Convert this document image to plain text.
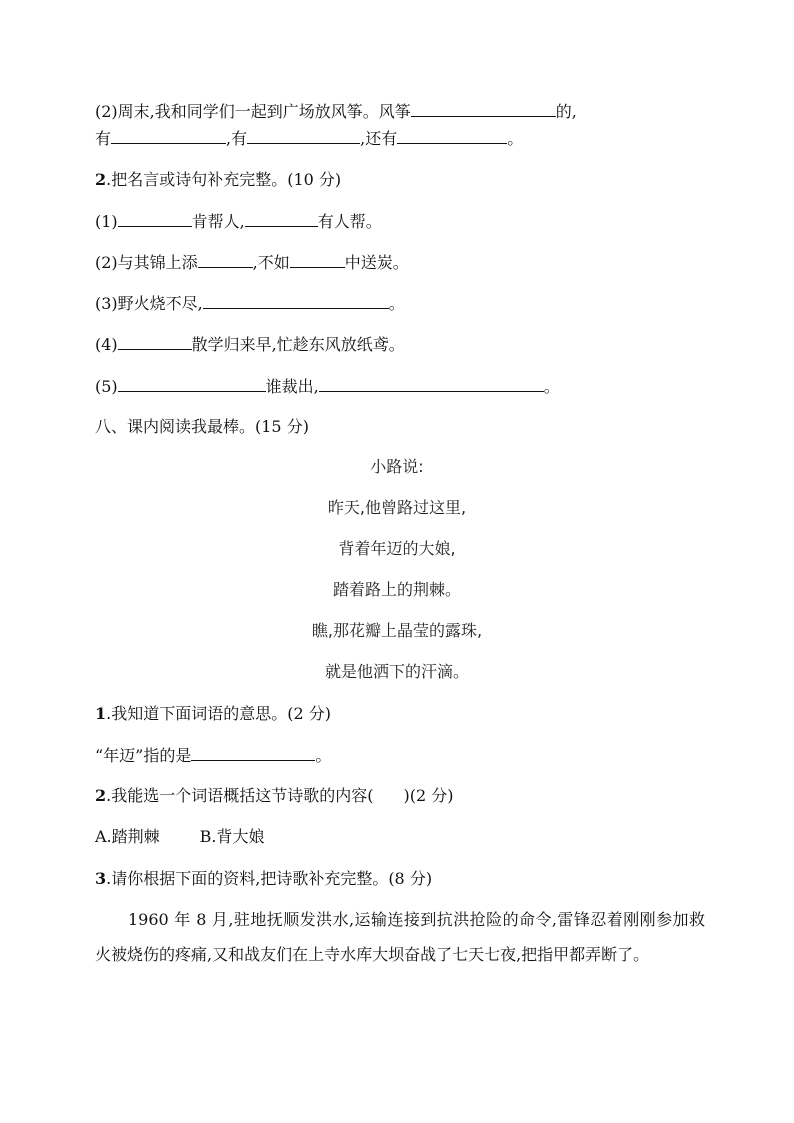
(2)周末,我和同学们一起到广场放风筝。风筝	的,
有	,有	,还有	。
2.把名言或诗句补充完整。(10 分)
(1)	肯帮人,	有人帮。
(2)与其锦上添	,不如	中送炭。
(3)野火烧不尽,	。
(4)	散学归来早,忙趁东风放纸鸢。
(5)	谁裁出,	。
八、课内阅读我最棒。(15 分)
小路说:
昨天,他曾路过这里,
背着年迈的大娘,
踏着路上的荆棘。
瞧,那花瓣上晶莹的露珠,
就是他洒下的汗滴。
1.我知道下面词语的意思。(2 分)
“年迈”指的是	。
2.我能选一个词语概括这节诗歌的内容( )(2 分)
A.踏荆棘	B.背大娘
3.请你根据下面的资料,把诗歌补充完整。(8 分)
1960 年 8 月,驻地抚顺发洪水,运输连接到抗洪抢险的命令,雷锋忍着刚刚参加救火被烧伤的疼痛,又和战友们在上寺水库大坝奋战了七天七夜,把指甲都弄断了。
